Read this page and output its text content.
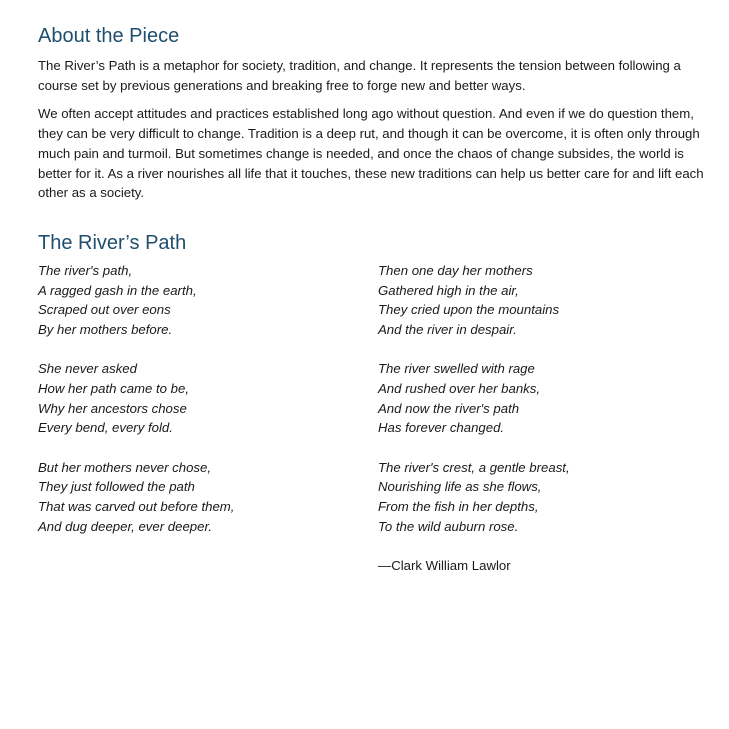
About the Piece

The River’s Path is a metaphor for society, tradition, and change. It represents the tension between following a course set by previous generations and breaking free to forge new and better ways.

We often accept attitudes and practices established long ago without question. And even if we do question them, they can be very difficult to change. Tradition is a deep rut, and though it can be overcome, it is often only through much pain and turmoil. But sometimes change is needed, and once the chaos of change subsides, the world is better for it. As a river nourishes all life that it touches, these new traditions can help us better care for and lift each other as a society.

The River’s Path
The river's path,
A ragged gash in the earth,
Scraped out over eons
By her mothers before.
She never asked
How her path came to be,
Why her ancestors chose
Every bend, every fold.
But her mothers never chose,
They just followed the path
That was carved out before them,
And dug deeper, ever deeper.
Then one day her mothers
Gathered high in the air,
They cried upon the mountains
And the river in despair.
The river swelled with rage
And rushed over her banks,
And now the river's path
Has forever changed.
The river's crest, a gentle breast,
Nourishing life as she flows,
From the fish in her depths,
To the wild auburn rose.
—Clark William Lawlor
